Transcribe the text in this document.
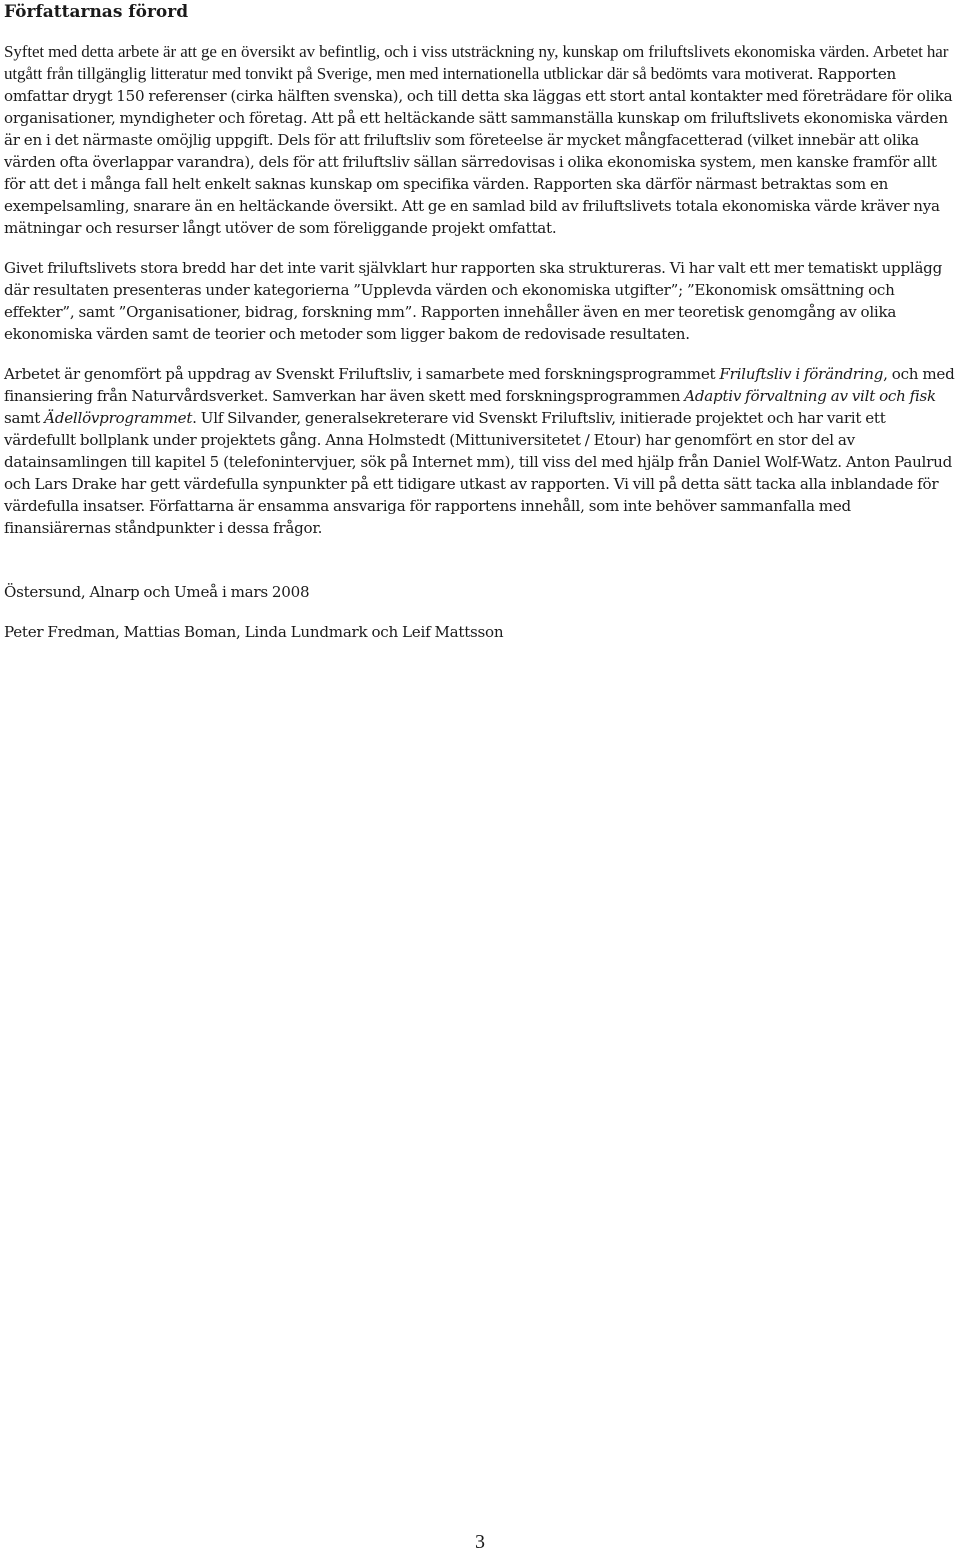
Författarnas förord

Syftet med detta arbete är att ge en översikt av befintlig, och i viss utsträckning ny, kunskap om friluftslivets ekonomiska värden. Arbetet har utgått från tillgänglig litteratur med tonvikt på Sverige, men med internationella utblickar där så bedömts vara motiverat. Rapporten omfattar drygt 150 referenser (cirka hälften svenska), och till detta ska läggas ett stort antal kontakter med företrädare för olika organisationer, myndigheter och företag. Att på ett heltäckande sätt sammanställa kunskap om friluftslivets ekonomiska värden är en i det närmaste omöjlig uppgift. Dels för att friluftsliv som företeelse är mycket mångfacetterad (vilket innebär att olika värden ofta överlappar varandra), dels för att friluftsliv sällan särredovisas i olika ekonomiska system, men kanske framför allt för att det i många fall helt enkelt saknas kunskap om specifika värden. Rapporten ska därför närmast betraktas som en exempelsamling, snarare än en heltäckande översikt. Att ge en samlad bild av friluftslivets totala ekonomiska värde kräver nya mätningar och resurser långt utöver de som föreliggande projekt omfattat.

Givet friluftslivets stora bredd har det inte varit självklart hur rapporten ska struktureras. Vi har valt ett mer tematiskt upplägg där resultaten presenteras under kategorierna ”Upplevda värden och ekonomiska utgifter”; ”Ekonomisk omsättning och effekter”, samt ”Organisationer, bidrag, forskning mm”. Rapporten innehåller även en mer teoretisk genomgång av olika ekonomiska värden samt de teorier och metoder som ligger bakom de redovisade resultaten.

Arbetet är genomfört på uppdrag av Svenskt Friluftsliv, i samarbete med forskningsprogrammet Friluftsliv i förändring, och med finansiering från Naturvårdsverket. Samverkan har även skett med forskningsprogrammen Adaptiv förvaltning av vilt och fisk samt Ädellövprogrammet. Ulf Silvander, generalsekreterare vid Svenskt Friluftsliv, initierade projektet och har varit ett värdefullt bollplank under projektets gång. Anna Holmstedt (Mittuniversitetet / Etour) har genomfört en stor del av datainsamlingen till kapitel 5 (telefonintervjuer, sök på Internet mm), till viss del med hjälp från Daniel Wolf-Watz. Anton Paulrud och Lars Drake har gett värdefulla synpunkter på ett tidigare utkast av rapporten. Vi vill på detta sätt tacka alla inblandade för värdefulla insatser. Författarna är ensamma ansvariga för rapportens innehåll, som inte behöver sammanfalla med finansiärernas ståndpunkter i dessa frågor.

Östersund, Alnarp och Umeå i mars 2008

Peter Fredman, Mattias Boman, Linda Lundmark och Leif Mattsson

3
